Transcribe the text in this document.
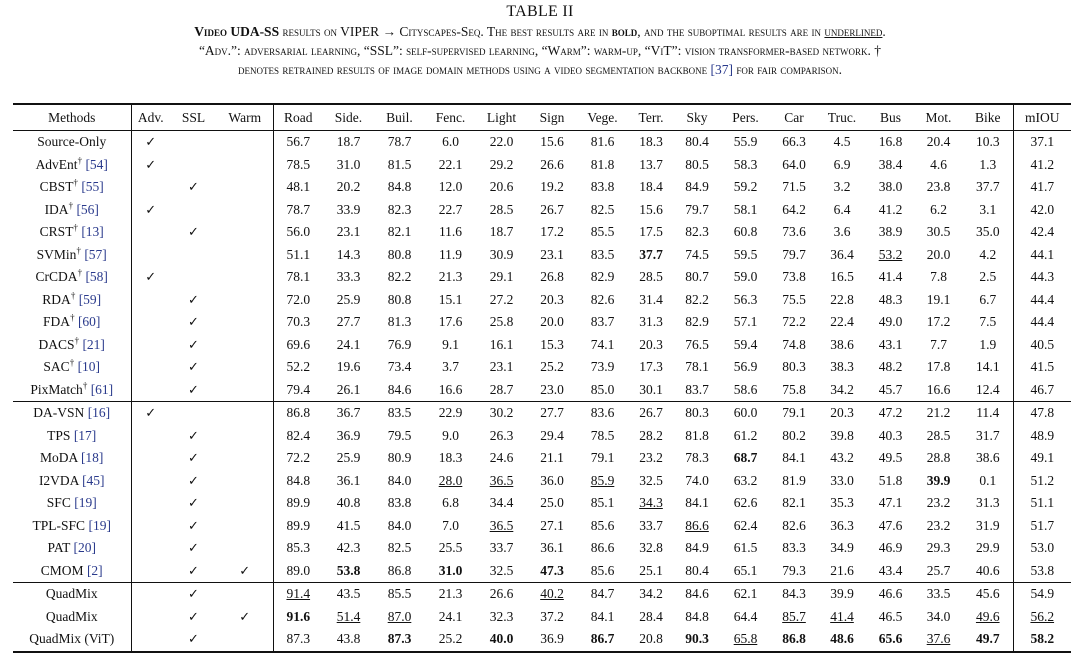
TABLE II
Video UDA-SS results on VIPER → Cityscapes-Seq. The best results are in bold, and the suboptimal results are in underlined.
“Adv.”: adversarial learning, “SSL”: self-supervised learning, “Warm”: warm-up, “ViT”: vision transformer-based network. †
denotes retrained results of image domain methods using a video segmentation backbone [37] for fair comparison.
Methods	Adv.	SSL	Warm	Road	Side.	Buil.	Fenc.	Light	Sign	Vege.	Terr.	Sky	Pers.	Car	Truc.	Bus	Mot.	Bike	mIOU
Source-Only	✓			56.7	18.7	78.7	6.0	22.0	15.6	81.6	18.3	80.4	55.9	66.3	4.5	16.8	20.4	10.3	37.1
AdvEnt† [54]	✓			78.5	31.0	81.5	22.1	29.2	26.6	81.8	13.7	80.5	58.3	64.0	6.9	38.4	4.6	1.3	41.2
CBST† [55]		✓		48.1	20.2	84.8	12.0	20.6	19.2	83.8	18.4	84.9	59.2	71.5	3.2	38.0	23.8	37.7	41.7
IDA† [56]	✓			78.7	33.9	82.3	22.7	28.5	26.7	82.5	15.6	79.7	58.1	64.2	6.4	41.2	6.2	3.1	42.0
CRST† [13]		✓		56.0	23.1	82.1	11.6	18.7	17.2	85.5	17.5	82.3	60.8	73.6	3.6	38.9	30.5	35.0	42.4
SVMin† [57]				51.1	14.3	80.8	11.9	30.9	23.1	83.5	37.7	74.5	59.5	79.7	36.4	53.2	20.0	4.2	44.1
CrCDA† [58]	✓			78.1	33.3	82.2	21.3	29.1	26.8	82.9	28.5	80.7	59.0	73.8	16.5	41.4	7.8	2.5	44.3
RDA† [59]		✓		72.0	25.9	80.8	15.1	27.2	20.3	82.6	31.4	82.2	56.3	75.5	22.8	48.3	19.1	6.7	44.4
FDA† [60]		✓		70.3	27.7	81.3	17.6	25.8	20.0	83.7	31.3	82.9	57.1	72.2	22.4	49.0	17.2	7.5	44.4
DACS† [21]		✓		69.6	24.1	76.9	9.1	16.1	15.3	74.1	20.3	76.5	59.4	74.8	38.6	43.1	7.7	1.9	40.5
SAC† [10]		✓		52.2	19.6	73.4	3.7	23.1	25.2	73.9	17.3	78.1	56.9	80.3	38.3	48.2	17.8	14.1	41.5
PixMatch† [61]		✓		79.4	26.1	84.6	16.6	28.7	23.0	85.0	30.1	83.7	58.6	75.8	34.2	45.7	16.6	12.4	46.7
DA-VSN [16]	✓			86.8	36.7	83.5	22.9	30.2	27.7	83.6	26.7	80.3	60.0	79.1	20.3	47.2	21.2	11.4	47.8
TPS [17]		✓		82.4	36.9	79.5	9.0	26.3	29.4	78.5	28.2	81.8	61.2	80.2	39.8	40.3	28.5	31.7	48.9
MoDA [18]		✓		72.2	25.9	80.9	18.3	24.6	21.1	79.1	23.2	78.3	68.7	84.1	43.2	49.5	28.8	38.6	49.1
I2VDA [45]		✓		84.8	36.1	84.0	28.0	36.5	36.0	85.9	32.5	74.0	63.2	81.9	33.0	51.8	39.9	0.1	51.2
SFC [19]		✓		89.9	40.8	83.8	6.8	34.4	25.0	85.1	34.3	84.1	62.6	82.1	35.3	47.1	23.2	31.3	51.1
TPL-SFC [19]		✓		89.9	41.5	84.0	7.0	36.5	27.1	85.6	33.7	86.6	62.4	82.6	36.3	47.6	23.2	31.9	51.7
PAT [20]		✓		85.3	42.3	82.5	25.5	33.7	36.1	86.6	32.8	84.9	61.5	83.3	34.9	46.9	29.3	29.9	53.0
CMOM [2]		✓	✓	89.0	53.8	86.8	31.0	32.5	47.3	85.6	25.1	80.4	65.1	79.3	21.6	43.4	25.7	40.6	53.8
QuadMix		✓		91.4	43.5	85.5	21.3	26.6	40.2	84.7	34.2	84.6	62.1	84.3	39.9	46.6	33.5	45.6	54.9
QuadMix		✓	✓	91.6	51.4	87.0	24.1	32.3	37.2	84.1	28.4	84.8	64.4	85.7	41.4	46.5	34.0	49.6	56.2
QuadMix (ViT)		✓		87.3	43.8	87.3	25.2	40.0	36.9	86.7	20.8	90.3	65.8	86.8	48.6	65.6	37.6	49.7	58.2
